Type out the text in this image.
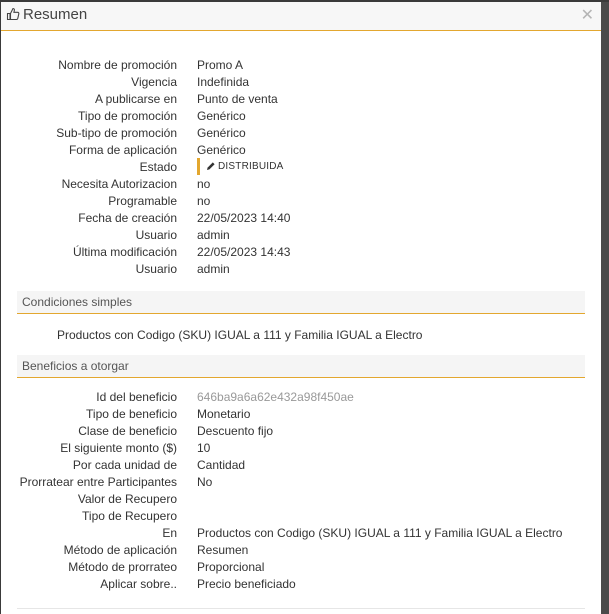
Resumen	✕
Nombre de promoción Promo A
Vigencia Indefinida
A publicarse en Punto de venta
Tipo de promoción Genérico
Sub-tipo de promoción Genérico
Forma de aplicación Genérico
Estado	DISTRIBUIDA
Necesita Autorizacion no
Programable no
Fecha de creación 22/05/2023 14:40
Usuario admin
Última modificación 22/05/2023 14:43
Usuario admin
Condiciones simples
Productos con Codigo (SKU) IGUAL a 111 y Familia IGUAL a Electro
Beneficios a otorgar
Id del beneficio 646ba9a6a62e432a98f450ae
Tipo de beneficio Monetario
Clase de beneficio Descuento fijo
El siguiente monto ($) 10
Por cada unidad de Cantidad
Prorratear entre Participantes No
Valor de Recupero
Tipo de Recupero
En Productos con Codigo (SKU) IGUAL a 111 y Familia IGUAL a Electro
Método de aplicación Resumen
Método de prorrateo Proporcional
Aplicar sobre.. Precio beneficiado
